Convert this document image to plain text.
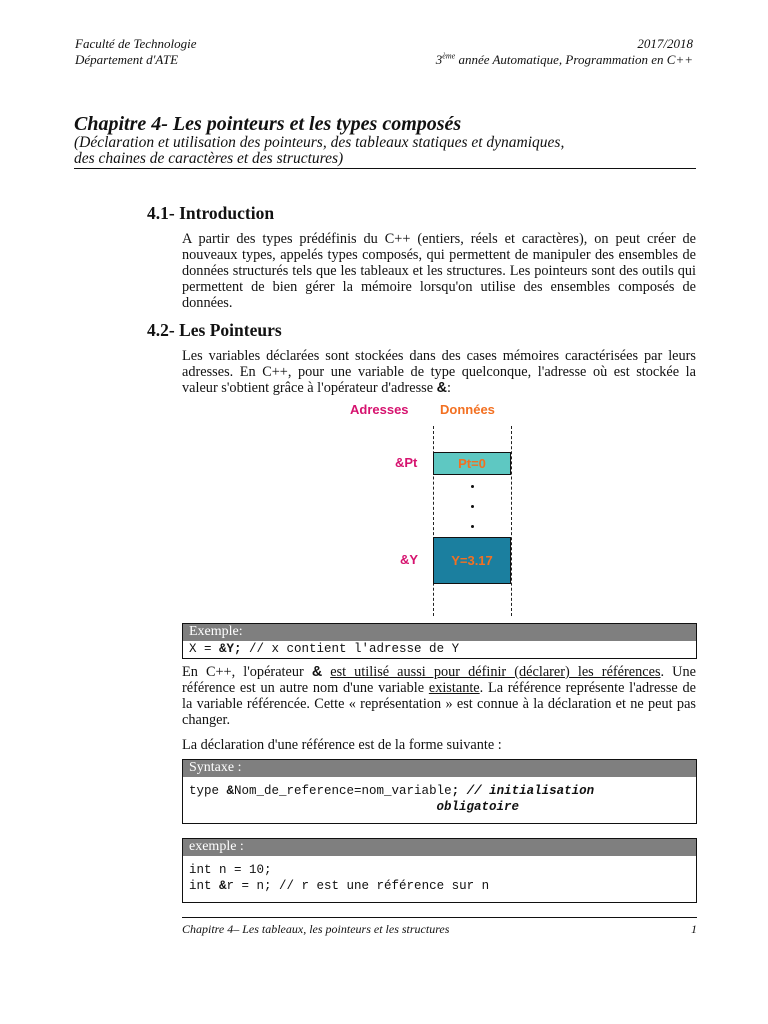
Faculté de Technologie
Département d'ATE
2017/2018
3ème année Automatique, Programmation en C++
Chapitre 4- Les pointeurs et les types composés
(Déclaration et utilisation des pointeurs, des tableaux statiques et dynamiques,
des chaines de caractères et des structures)
4.1- Introduction
A partir des types prédéfinis du C++ (entiers, réels et caractères), on peut créer de nouveaux types, appelés types composés, qui permettent de manipuler des ensembles de données structurés tels que les tableaux et les structures. Les pointeurs sont des outils qui permettent de bien gérer la mémoire lorsqu'on utilise des ensembles composés de données.
4.2- Les Pointeurs
Les variables déclarées sont stockées dans des cases mémoires caractérisées par leurs adresses. En C++, pour une variable de type quelconque, l'adresse où est stockée la valeur s'obtient grâce à l'opérateur d'adresse &:
Adresses Données
&Pt	Pt=0
&Y	Y=3.17
Exemple:
X = &Y; // x contient l'adresse de Y
En C++, l'opérateur & est utilisé aussi pour définir (déclarer) les références. Une référence est un autre nom d'une variable existante. La référence représente l'adresse de la variable référencée. Cette « représentation » est connue à la déclaration et ne peut pas changer.
La déclaration d'une référence est de la forme suivante :
Syntaxe :
type &Nom_de_reference=nom_variable; // initialisation
obligatoire
exemple :
int n = 10;
int &r = n; // r est une référence sur n
Chapitre 4– Les tableaux, les pointeurs et les structures	1
